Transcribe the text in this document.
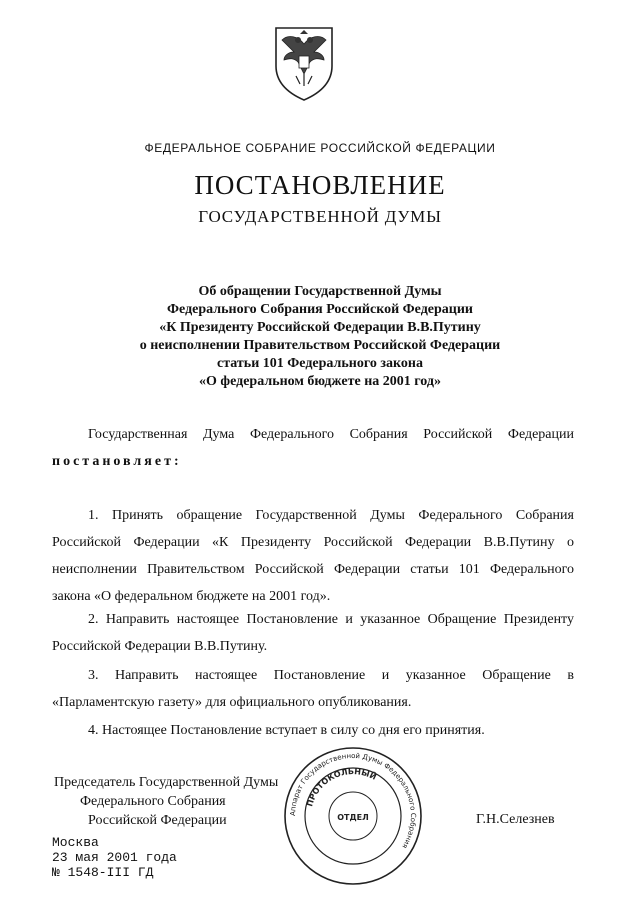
ФЕДЕРАЛЬНОЕ СОБРАНИЕ РОССИЙСКОЙ ФЕДЕРАЦИИ
ПОСТАНОВЛЕНИЕ
ГОСУДАРСТВЕННОЙ ДУМЫ
Об обращении Государственной Думы
Федерального Собрания Российской Федерации
«К Президенту Российской Федерации В.В.Путину
о неисполнении Правительством Российской Федерации
статьи 101 Федерального закона
«О федеральном бюджете на 2001 год»
Государственная Дума Федерального Собрания Российской Федерации постановляет:
1. Принять обращение Государственной Думы Федерального Собрания Российской Федерации «К Президенту Российской Федерации В.В.Путину о неисполнении Правительством Российской Федерации статьи 101 Федерального закона «О федеральном бюджете на 2001 год».
2. Направить настоящее Постановление и указанное Обращение Президенту Российской Федерации В.В.Путину.
3. Направить настоящее Постановление и указанное Обращение в «Парламентскую газету» для официального опубликования.
4. Настоящее Постановление вступает в силу со дня его принятия.
Председатель Государственной Думы
Федерального Собрания
Российской Федерации	Г.Н.Селезнев
Москва
23 мая 2001 года
№ 1548-III ГД
Аппарат Государственной Думы Федерального Собрания
ПРОТОКОЛЬНЫЙ
ОТДЕЛ
